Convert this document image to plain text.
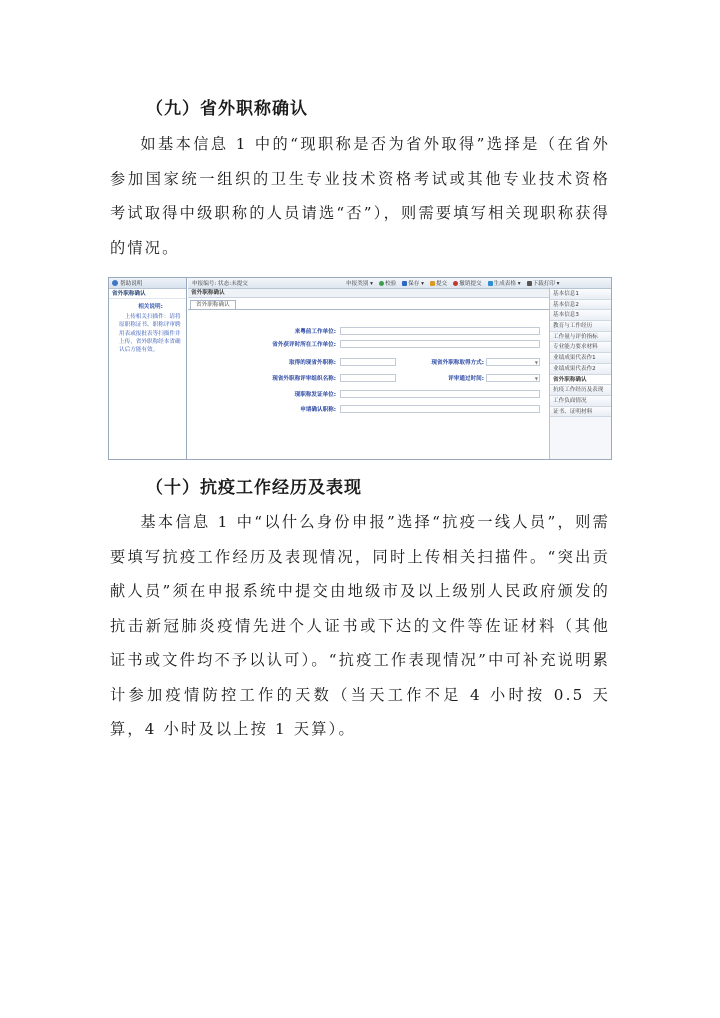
（九）省外职称确认

如基本信息 1 中的“现职称是否为省外取得”选择是（在省外参加国家统一组织的卫生专业技术资格考试或其他专业技术资格考试取得中级职称的人员请选“否”），则需要填写相关现职称获得的情况。

帮助说明
省外职称确认
相关说明:
上传相关扫描件：请将原职称证书、职称评审聘用表或报批表等扫描件并上传，省外职称经本省确认后方能有效。
申报编号: 状态:未提交	申报类别 ▾ 校验 保存 ▾ 提交 撤销提交 生成表格 ▾ 下载打印 ▾
省外职称确认
省外职称确认
来粤前工作单位:
省外获评时所在工作单位:
取得的现省外职称:	现省外职称取得方式:
▼
现省外职称评审组织名称:	评审通过时间:
▼
现职称发证单位:
申请确认职称:
基本信息1
基本信息2
基本信息3
教育与工作经历
工作量与评价指标
专业能力要求材料
业绩成果代表作1
业绩成果代表作2
省外职称确认
抗疫工作经历及表现
工作负面情况
证书、证明材料
（十）抗疫工作经历及表现

基本信息 1 中“以什么身份申报”选择“抗疫一线人员”，则需要填写抗疫工作经历及表现情况，同时上传相关扫描件。“突出贡献人员”须在申报系统中提交由地级市及以上级别人民政府颁发的抗击新冠肺炎疫情先进个人证书或下达的文件等佐证材料（其他证书或文件均不予以认可）。“抗疫工作表现情况”中可补充说明累计参加疫情防控工作的天数（当天工作不足 4 小时按 0.5 天算，4 小时及以上按 1 天算）。
